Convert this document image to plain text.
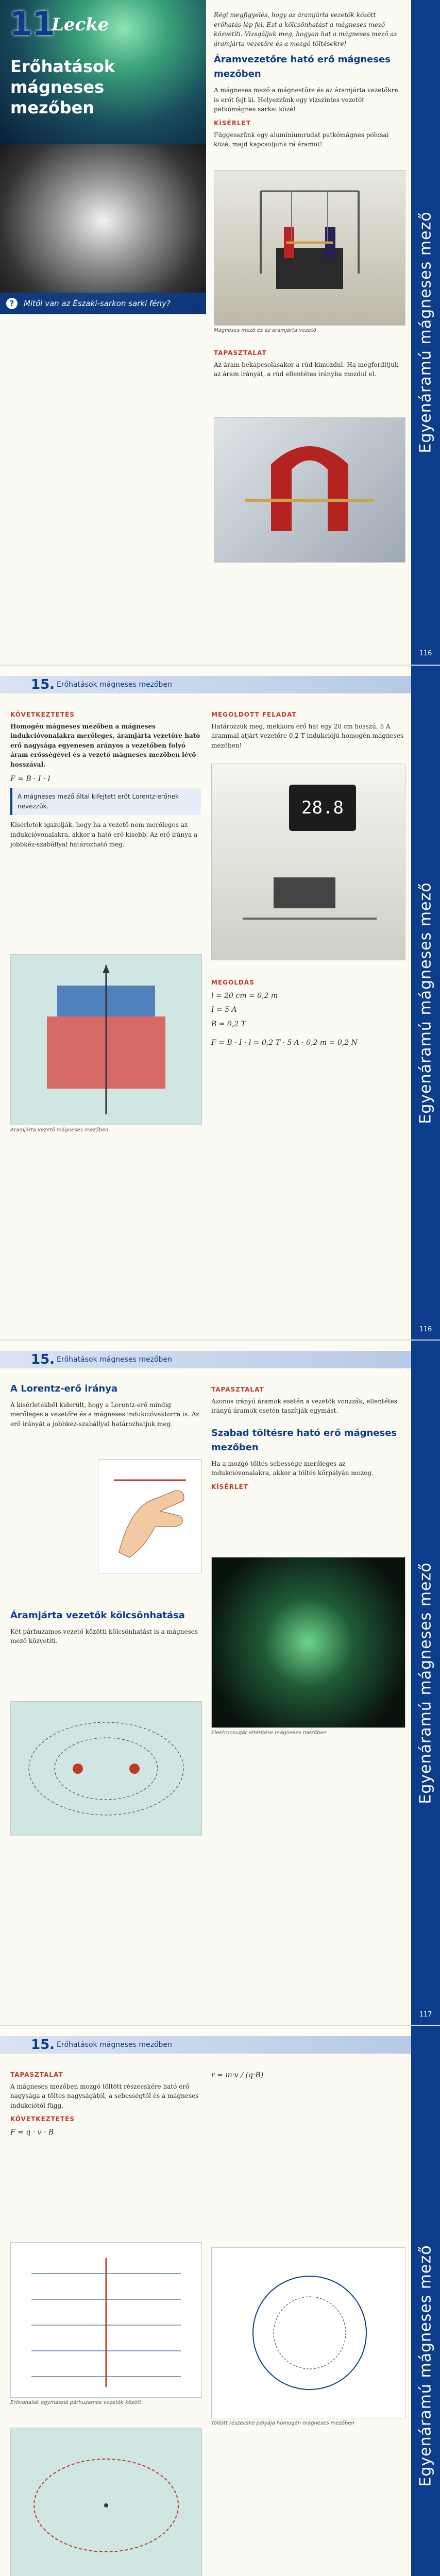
Egyenáramú mágneses mező
116
11
Lecke
Erőhatások
mágneses
mezőben
?	Mitől van az Északi-sarkon sarki fény?

Régi megfigyelés, hogy az áramjárta vezetők között erőhatás lép fel. Ezt a kölcsönhatást a mágneses mező közvetíti. Vizsgáljuk meg, hogyan hat a mágneses mező az áramjárta vezetőre és a mozgó töltésekre!

Áramvezetőre ható erő mágneses mezőben

A mágneses mező a mágnestűre és az áramjárta vezetőkre is erőt fejt ki. Helyezzünk egy vízszintes vezetőt patkómágnes sarkai közé!

KÍSÉRLET

Függesszünk egy alumíniumrudat patkómágnes pólusai közé, majd kapcsoljunk rá áramot!

Mágneses mező és az áramjárta vezető
TAPASZTALAT

Az áram bekapcsolásakor a rúd kimozdul. Ha megfordítjuk az áram irányát, a rúd ellentétes irányba mozdul el.

Egyenáramú mágneses mező
116
15. Erőhatások mágneses mezőben
KÖVETKEZTETÉS

Homogén mágneses mezőben a mágneses indukcióvonalakra merőleges, áramjárta vezetőre ható erő nagysága egyenesen arányos a vezetőben folyó áram erősségével és a vezető mágneses mezőben lévő hosszával.

F = B · I · l
A mágneses mező által kifejtett erőt Lorentz-erőnek nevezzük.

Kísérletek igazolják, hogy ha a vezető nem merőleges az indukcióvonalakra, akkor a ható erő kisebb. Az erő iránya a jobbkéz-szabállyal határozható meg.

Áramjárta vezető mágneses mezőben
MEGOLDOTT FELADAT

Határozzuk meg, mekkora erő hat egy 20 cm hosszú, 5 A árammal átjárt vezetőre 0,2 T indukciójú homogén mágneses mezőben!

28.8
MEGOLDÁS
l = 20 cm = 0,2 m
I = 5 A
B = 0,2 T
F = B · I · l = 0,2 T · 5 A · 0,2 m = 0,2 N
Egyenáramú mágneses mező
117
15. Erőhatások mágneses mezőben
A Lorentz-erő iránya

A kísérletekből kiderült, hogy a Lorentz-erő mindig merőleges a vezetőre és a mágneses indukcióvektorra is. Az erő irányát a jobbkéz-szabállyal határozhatjuk meg.

Áramjárta vezetők kölcsönhatása

Két párhuzamos vezető közötti kölcsönhatást is a mágneses mező közvetíti.

TAPASZTALAT

Azonos irányú áramok esetén a vezetők vonzzák, ellentétes irányú áramok esetén taszítják egymást.

Szabad töltésre ható erő mágneses mezőben

Ha a mozgó töltés sebessége merőleges az indukcióvonalakra, akkor a töltés körpályán mozog.

KÍSÉRLET
Elektronsugár eltérítése mágneses mezőben
Egyenáramú mágneses mező
15. Erőhatások mágneses mezőben
TAPASZTALAT

A mágneses mezőben mozgó töltött részecskére ható erő nagysága a töltés nagyságától, a sebességtől és a mágneses indukciótól függ.

KÖVETKEZTETÉS
F = q · v · B
Erővonalak egymással párhuzamos vezetők között
r = m·v / (q·B)
Töltött részecske pályája homogén mágneses mezőben
